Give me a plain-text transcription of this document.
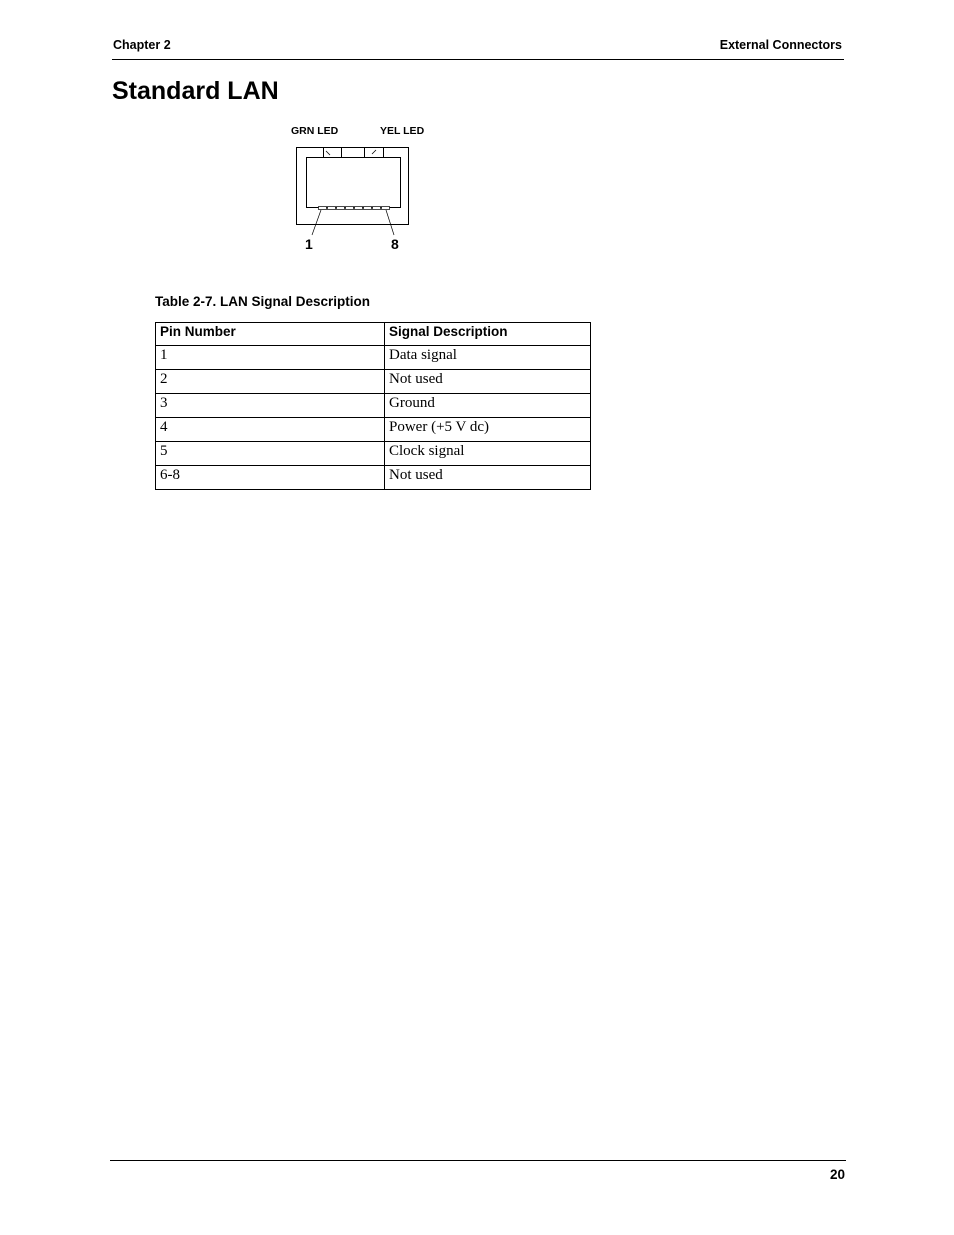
Chapter 2	External Connectors
Standard LAN
GRN LED	YEL LED
1	8
Table 2-7. LAN Signal Description
Pin Number	Signal Description
1	Data signal
2	Not used
3	Ground
4	Power (+5 V dc)
5	Clock signal
6-8	Not used
20
